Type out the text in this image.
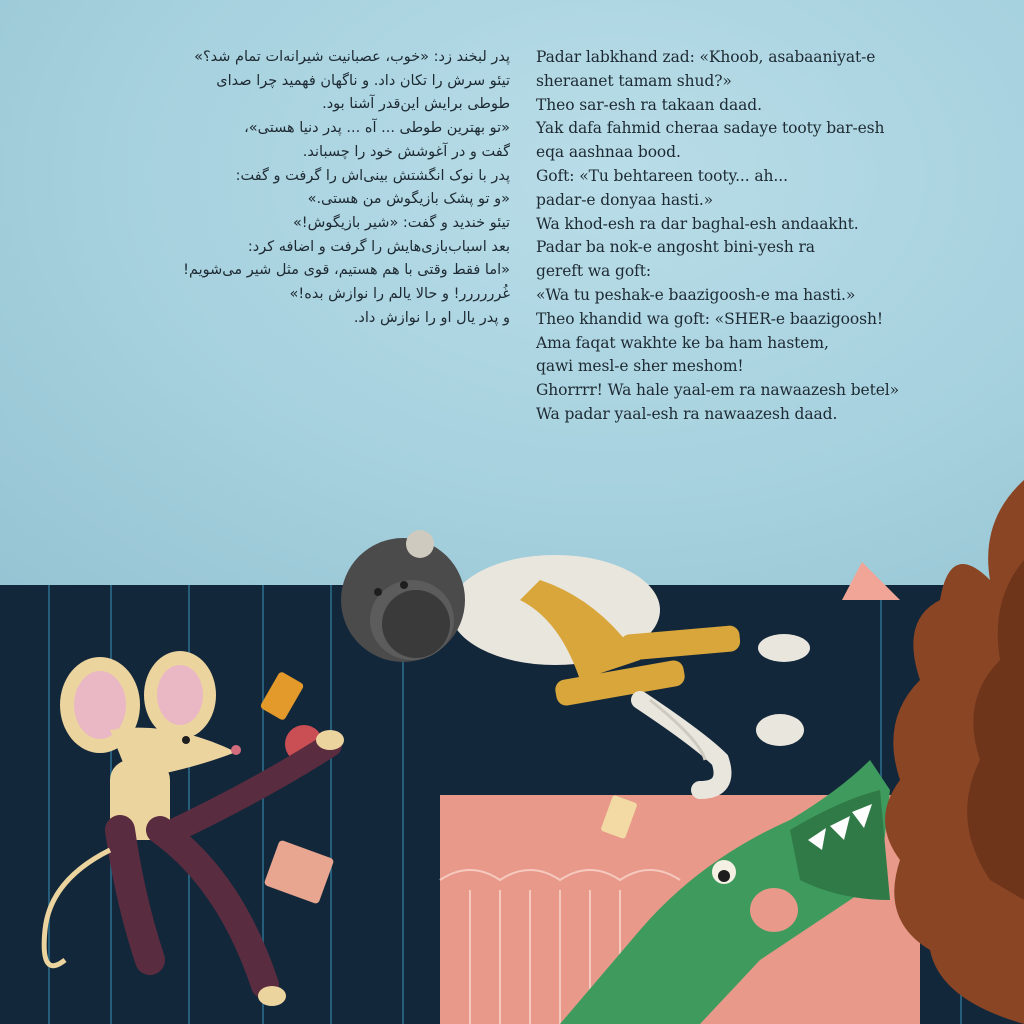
پدر لبخند زد: «خوب، عصبانیت شیرانه‌ات تمام شد؟»
تیئو سرش را تکان داد. و ناگهان فهمید چرا صدای
طوطی برایش این‌قدر آشنا بود.
«تو بهترین طوطی ... آه ... پدر دنیا هستی»،
گفت و در آغوشش خود را چسباند.
پدر با نوک انگشتش بینی‌اش را گرفت و گفت:
«و تو پشک بازیگوش من هستی.»
تیئو خندید و گفت: «شیر بازیگوش!»
بعد اسباب‌بازی‌هایش را گرفت و اضافه کرد:
«اما فقط وقتی با هم هستیم، قوی مثل شیر می‌شویم!
غُرررررر! و حالا یالم را نوازش بده!»
و پدر یال او را نوازش داد.
Padar labkhand zad: «Khoob, asabaaniyat-e
sheraanet tamam shud?»
Theo sar-esh ra takaan daad.
Yak dafa fahmid cheraa sadaye tooty bar-esh
eqa aashnaa bood.
Goft: «Tu behtareen tooty... ah...
padar-e donyaa hasti.»
Wa khod-esh ra dar baghal-esh andaakht.
Padar ba nok-e angosht bini-yesh ra
gereft wa goft:
«Wa tu peshak-e baazigoosh-e ma hasti.»
Theo khandid wa goft: «SHER-e baazigoosh!
Ama faqat wakhte ke ba ham hastem,
qawi mesl-e sher meshom!
Ghorrrr! Wa hale yaal-em ra nawaazesh betel»
Wa padar yaal-esh ra nawaazesh daad.
